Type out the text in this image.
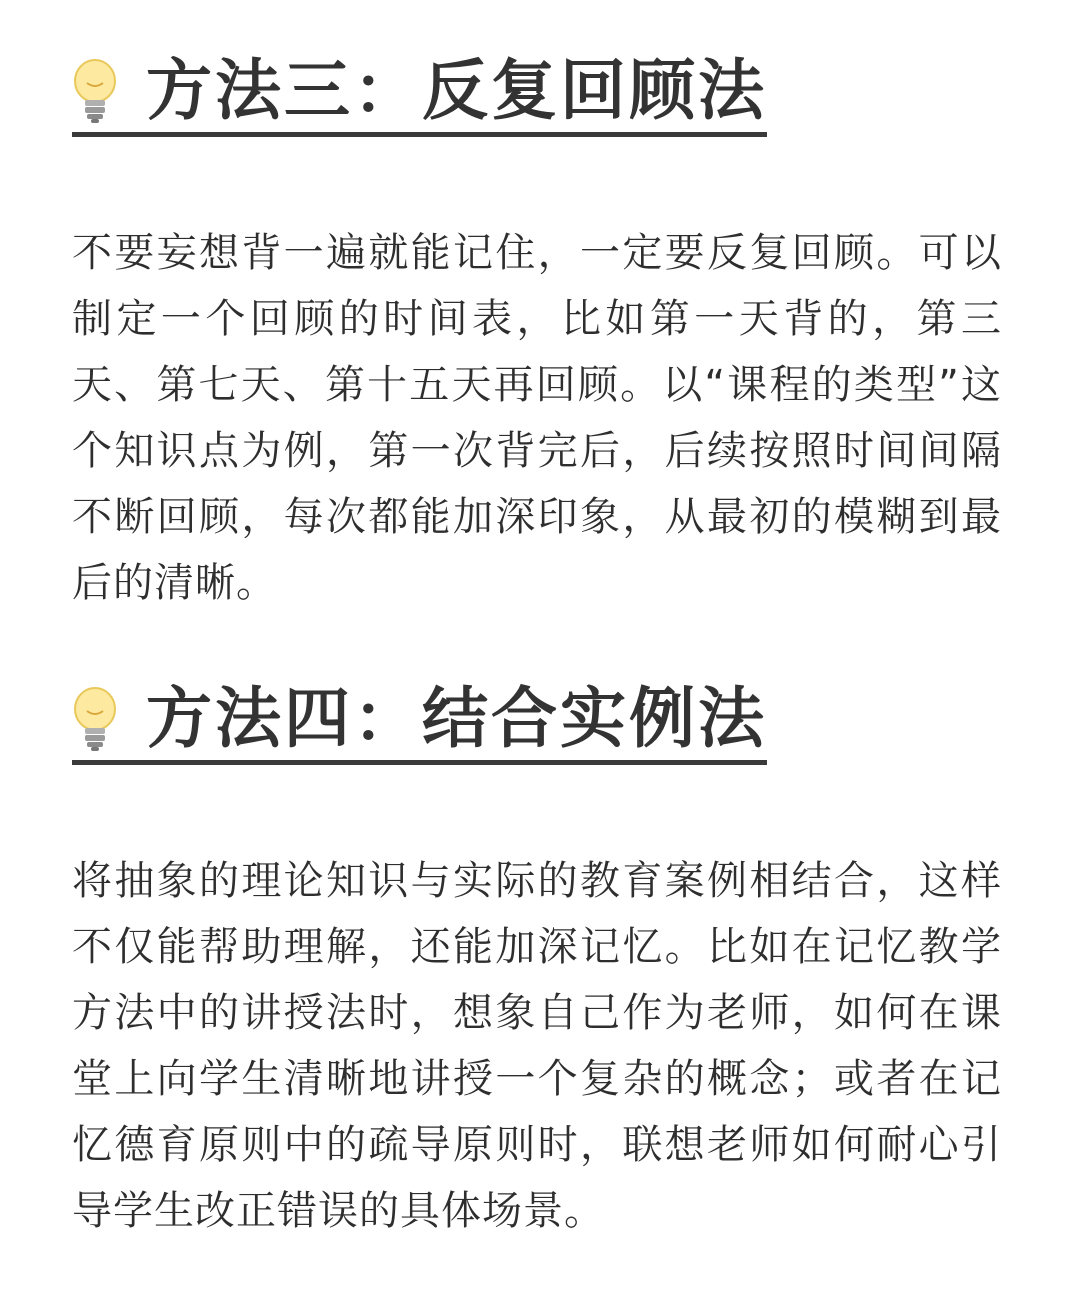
方法三：反复回顾法

不要妄想背一遍就能记住，一定要反复回顾。可以制定一个回顾的时间表，比如第一天背的，第三天、第七天、第十五天再回顾。以“课程的类型”这个知识点为例，第一次背完后，后续按照时间间隔不断回顾，每次都能加深印象，从最初的模糊到最后的清晰。

方法四：结合实例法

将抽象的理论知识与实际的教育案例相结合，这样不仅能帮助理解，还能加深记忆。比如在记忆教学方法中的讲授法时，想象自己作为老师，如何在课堂上向学生清晰地讲授一个复杂的概念；或者在记忆德育原则中的疏导原则时，联想老师如何耐心引导学生改正错误的具体场景。
